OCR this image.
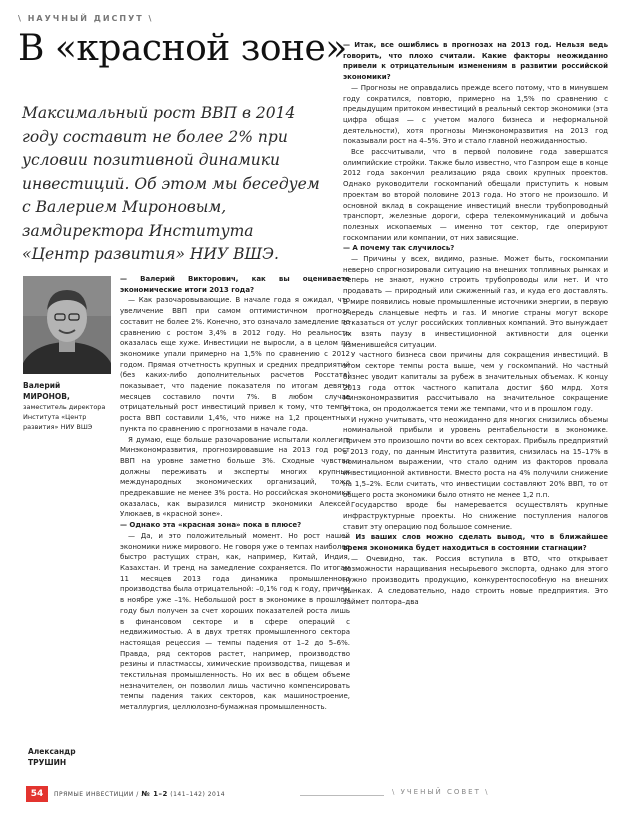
\ НАУЧНЫЙ ДИСПУТ \
В «красной зоне»
Максимальный рост ВВП в 2014 году составит не более 2% при условии позитивной динамики инвестиций. Об этом мы беседуем с Валерием Мироновым, замдиректора Института «Центр развития» НИУ ВШЭ.
Валерий
МИРОНОВ,
заместитель директора Института «Центр развития» НИУ ВШЭ
Александр
ТРУШИН

— Валерий Викторович, как вы оцениваете экономические итоги 2013 года?

— Как разочаровывающие. В начале года я ожидал, что увеличение ВВП при самом оптимистичном прогнозе составит не более 2%. Конечно, это означало замедление по сравнению с ростом 3,4% в 2012 году. Но реальность оказалась еще хуже. Инвестиции не выросли, а в целом по экономике упали примерно на 1,5% по сравнению с 2012 годом. Прямая отчетность крупных и средних предприятий (без каких-либо дополнительных расчетов Росстата) показывает, что падение показателя по итогам девяти месяцев составило почти 7%. В любом случае отрицательный рост инвестиций привел к тому, что темпы роста ВВП составили 1,4%, что ниже на 1,2 процентных пункта по сравнению с прогнозами в начале года.

Я думаю, еще больше разочарование испытали коллеги в Минэкономразвития, прогнозировавшие на 2013 год рост ВВП на уровне заметно больше 3%. Сходные чувства должны переживать и эксперты многих крупных международных экономических организаций, тоже предрекавшие не менее 3% роста. Но российская экономика оказалась, как выразился министр экономики Алексей Улюкаев, в «красной зоне».

— Однако эта «красная зона» пока в плюсе?

— Да, и это положительный момент. Но рост нашей экономики ниже мирового. Не говоря уже о темпах наиболее быстро растущих стран, как, например, Китай, Индия, Казахстан. И тренд на замедление сохраняется. По итогам 11 месяцев 2013 года динамика промышленного производства была отрицательной: –0,1% год к году, причем в ноябре уже –1%. Небольшой рост в экономике в прошлом году был получен за счет хороших показателей роста лишь в финансовом секторе и в сфере операций с недвижимостью. А в двух третях промышленного сектора настоящая рецессия — темпы падения от 1–2 до 5–6%. Правда, ряд секторов растет, например, производство резины и пластмассы, химические производства, пищевая и текстильная промышленность. Но их вес в общем объеме незначителен, он позволил лишь частично компенсировать темпы падения таких секторов, как машиностроение, металлургия, целлюлозно-бумажная промышленность.

— Итак, все ошиблись в прогнозах на 2013 год. Нельзя ведь говорить, что плохо считали. Какие факторы неожиданно привели к отрицательным изменениям в развитии российской экономики?

— Прогнозы не оправдались прежде всего потому, что в минувшем году сократился, повторю, примерно на 1,5% по сравнению с предыдущим притоком инвестиций в реальный сектор экономики (эта цифра общая — с учетом малого бизнеса и неформальной деятельности), хотя прогнозы Минэкономразвития на 2013 год показывали рост на 4–5%. Это и стало главной неожиданностью.

Все рассчитывали, что в первой половине года завершатся олимпийские стройки. Также было известно, что Газпром еще в конце 2012 года закончил реализацию ряда своих крупных проектов. Однако руководители госкомпаний обещали приступить к новым проектам во второй половине 2013 года. Но этого не произошло. И основной вклад в сокращение инвестиций внесли трубопроводный транспорт, железные дороги, сфера телекоммуникаций и добыча полезных ископаемых — именно тот сектор, где оперируют госкомпании или компании, от них зависящие.

— А почему так случилось?

— Причины у всех, видимо, разные. Может быть, госкомпании неверно спрогнозировали ситуацию на внешних топливных рынках и теперь не знают, нужно строить трубопроводы или нет. И что продавать — природный или сжиженный газ, и куда его доставлять. В мире появились новые промышленные источники энергии, в первую очередь сланцевые нефть и газ. И многие страны могут вскоре отказаться от услуг российских топливных компаний. Это вынуждает их взять паузу в инвестиционной активности для оценки изменившейся ситуации.

У частного бизнеса свои причины для сокращения инвестиций. В этом секторе темпы роста выше, чем у госкомпаний. Но частный бизнес уводит капиталы за рубеж в значительных объемах. К концу 2013 года отток частного капитала достиг $60 млрд. Хотя Минэкономразвития рассчитывало на значительное сокращение оттока, он продолжается теми же темпами, что и в прошлом году.

И нужно учитывать, что неожиданно для многих снизились объемы номинальной прибыли и уровень рентабельности в экономике. Причем это произошло почти во всех секторах. Прибыль предприятий в 2013 году, по данным Института развития, снизилась на 15–17% в номинальном выражении, что стало одним из факторов провала инвестиционной активности. Вместо роста на 4% получили снижение на 1,5–2%. Если считать, что инвестиции составляют 20% ВВП, то от общего роста экономики было отнято не менее 1,2 п.п.

Государство вроде бы намеревается осуществлять крупные инфраструктурные проекты. Но снижение поступления налогов ставит эту операцию под большое сомнение.

— Из ваших слов можно сделать вывод, что в ближайшее время экономика будет находиться в состоянии стагнации?

— Очевидно, так. Россия вступила в ВТО, что открывает возможности наращивания несырьевого экспорта, однако для этого нужно производить продукцию, конкурентоспособную на внешних рынках. А следовательно, надо строить новые предприятия. Это займет полтора–два

54	ПРЯМЫЕ ИНВЕСТИЦИИ / № 1–2 (141–142) 2014	\ УЧЕНЫЙ СОВЕТ \
